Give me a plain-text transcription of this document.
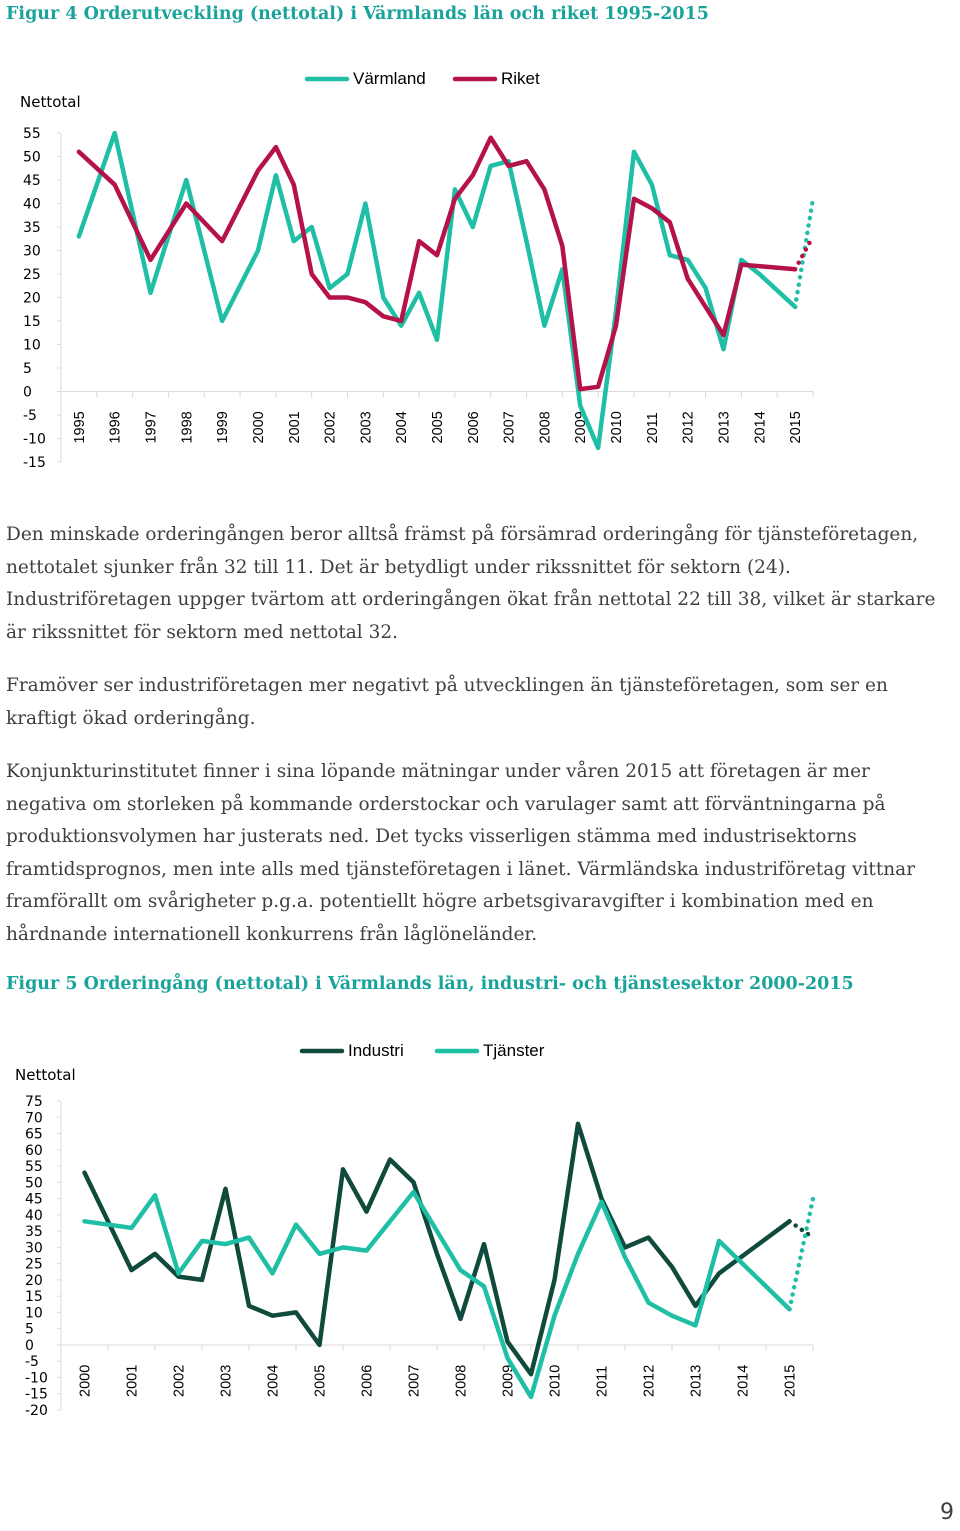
Figur 4 Orderutveckling (nettotal) i Värmlands län och riket 1995-2015
Nettotal
Värmland	Riket
55
50
45
40
35
30
25
20
15
10
5
0
-5
-10
-15
1995 1996 1997 1998 1999 2000 2001 2002 2003 2004 2005 2006 2007 2008 2009 2010 2011 2012 2013 2014 2015

Den minskade orderingången beror alltså främst på försämrad orderingång för tjänsteföretagen, nettotalet sjunker från 32 till 11. Det är betydligt under rikssnittet för sektorn (24). Industriföretagen uppger tvärtom att orderingången ökat från nettotal 22 till 38, vilket är starkare är rikssnittet för sektorn med nettotal 32.

Framöver ser industriföretagen mer negativt på utvecklingen än tjänsteföretagen, som ser en kraftigt ökad orderingång.

Konjunkturinstitutet finner i sina löpande mätningar under våren 2015 att företagen är mer negativa om storleken på kommande orderstockar och varulager samt att förväntningarna på produktionsvolymen har justerats ned. Det tycks visserligen stämma med industrisektorns framtidsprognos, men inte alls med tjänsteföretagen i länet. Värmländska industriföretag vittnar framförallt om svårigheter p.g.a. potentiellt högre arbetsgivaravgifter i kombination med en hårdnande internationell konkurrens från låglöneländer.

Figur 5 Orderingång (nettotal) i Värmlands län, industri- och tjänstesektor 2000-2015
Nettotal
Industri	Tjänster
75
70
65
60
55
50
45
40
35
30
25
20
15
10
5
0
-5
-10
-15
-20
2000 2001 2002 2003 2004 2005 2006 2007 2008 2009 2010 2011 2012 2013 2014 2015
9
